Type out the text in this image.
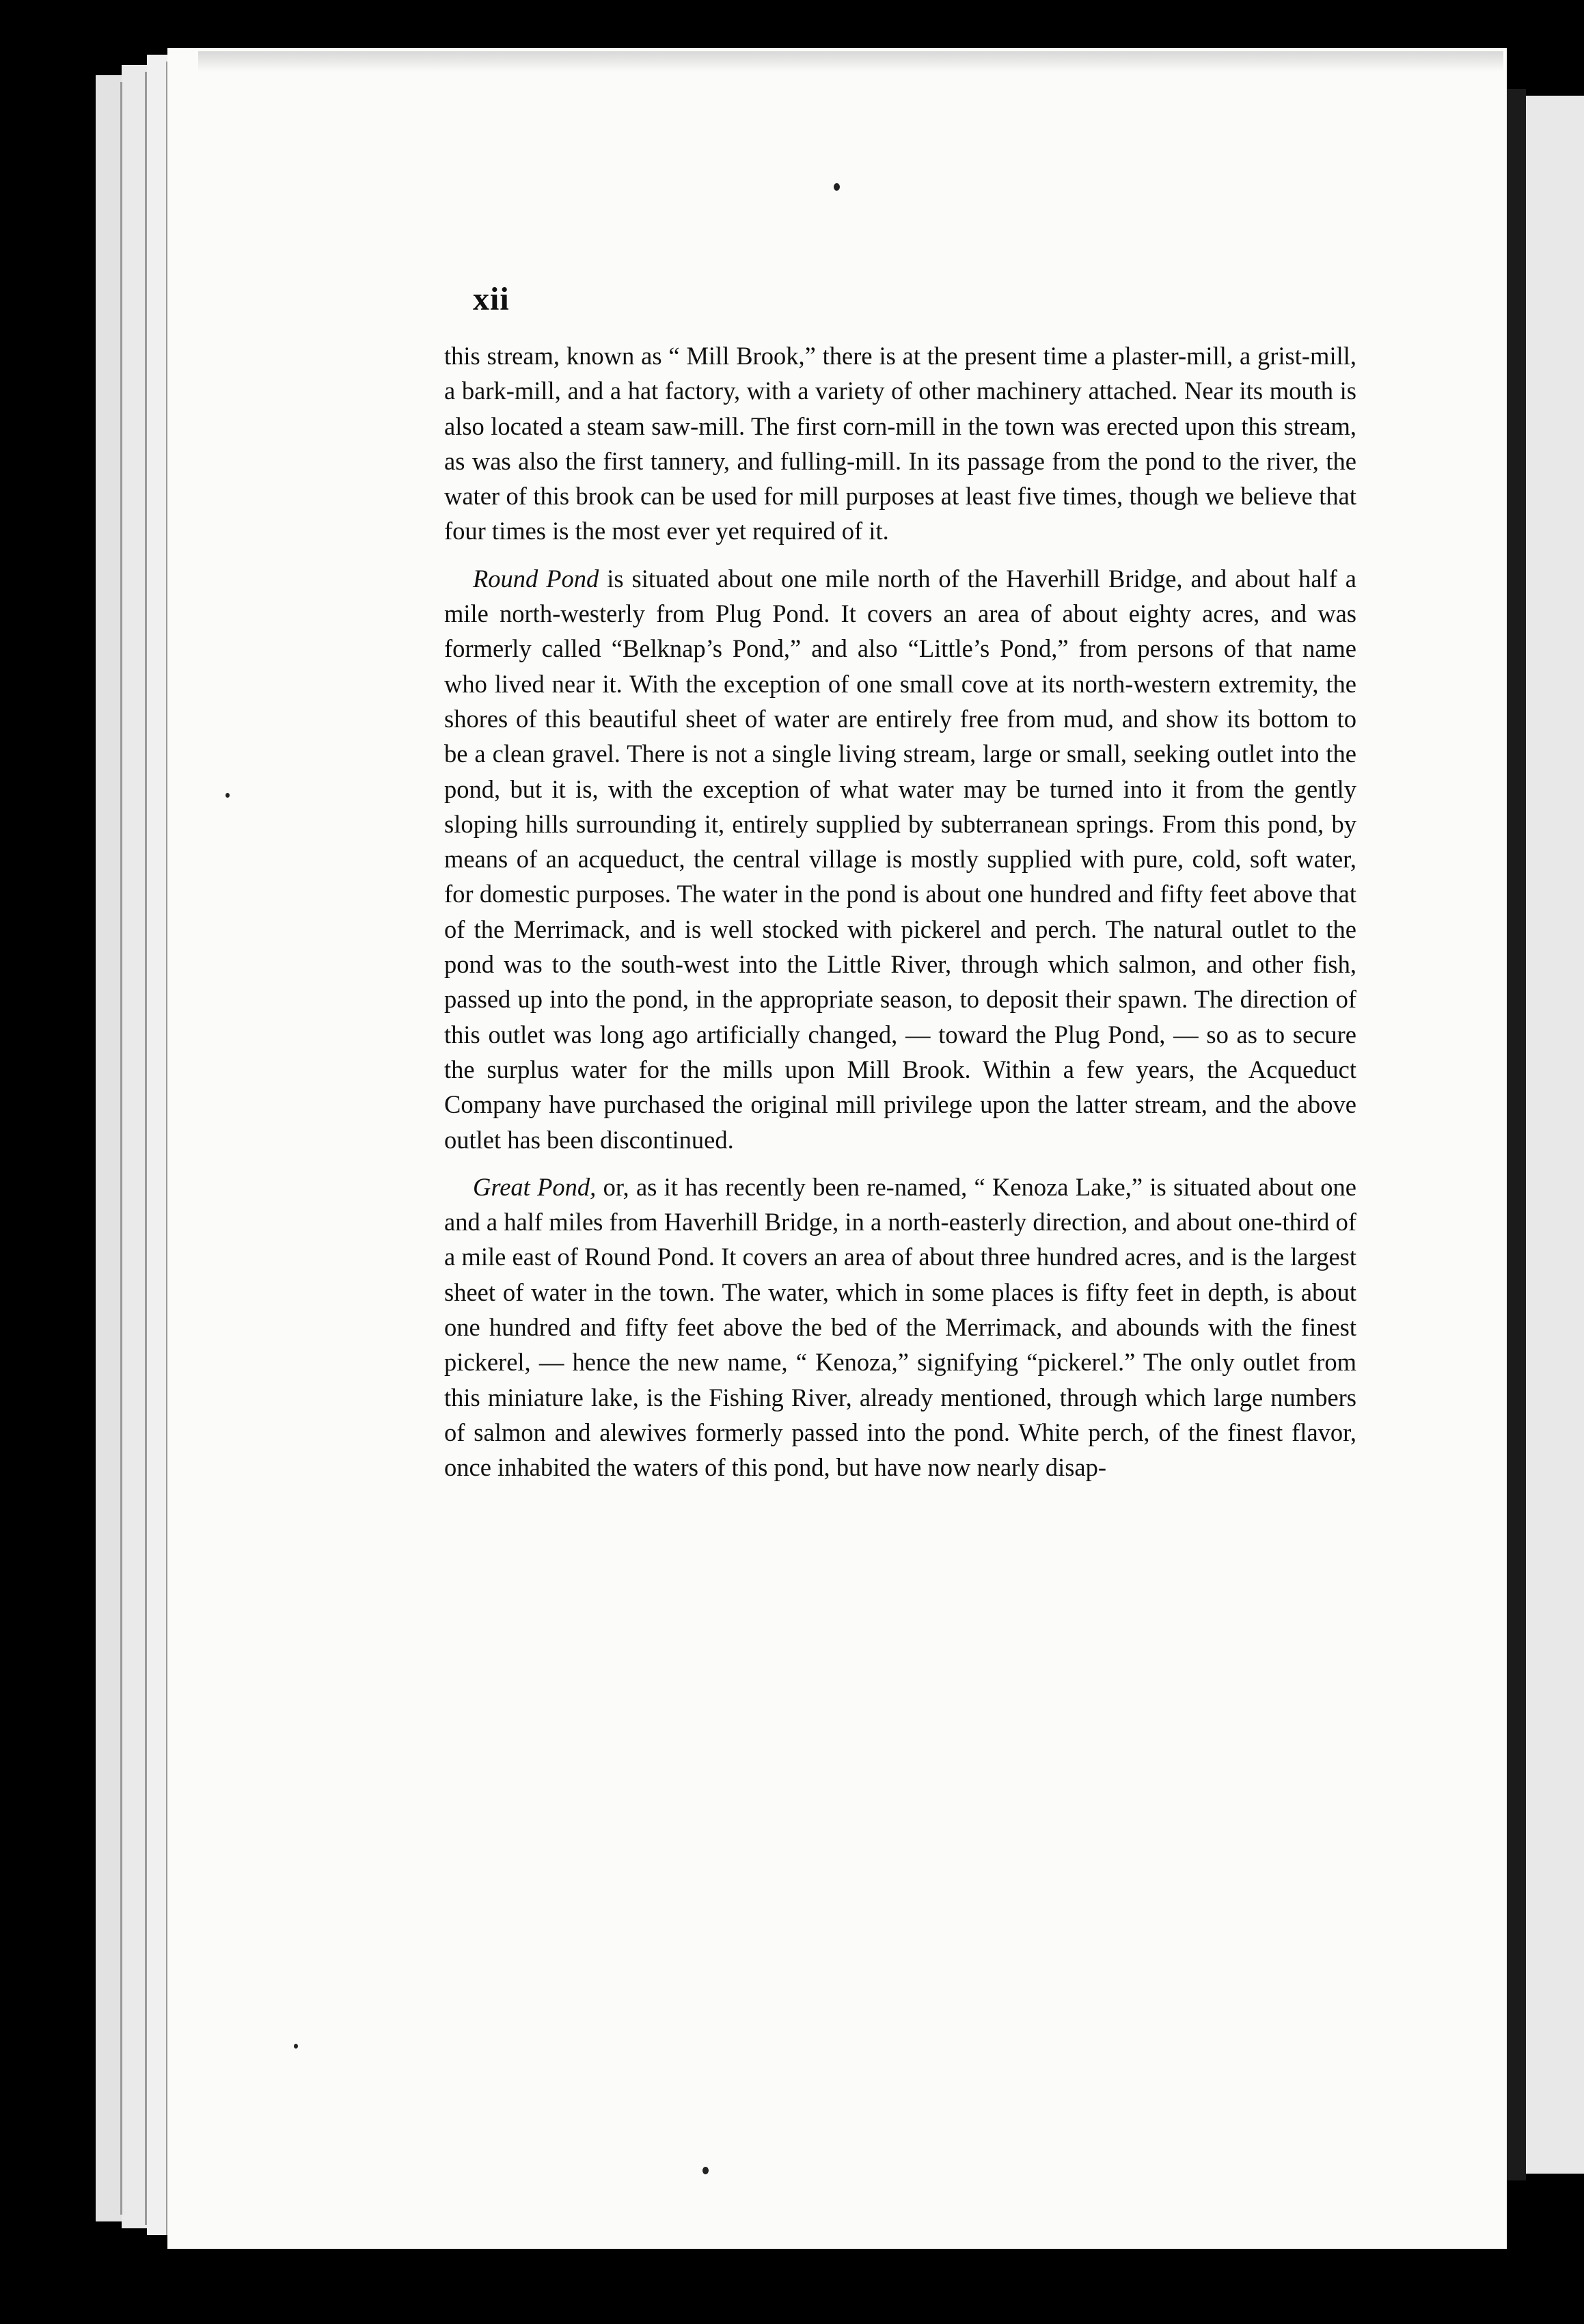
xii

this stream, known as “ Mill Brook,” there is at the present time a plaster-mill, a grist-mill, a bark-mill, and a hat factory, with a variety of other machinery attached. Near its mouth is also located a steam saw-mill. The first corn-mill in the town was erected upon this stream, as was also the first tannery, and fulling-mill. In its passage from the pond to the river, the water of this brook can be used for mill purposes at least five times, though we believe that four times is the most ever yet required of it.

Round Pond is situated about one mile north of the Haverhill Bridge, and about half a mile north-westerly from Plug Pond. It covers an area of about eighty acres, and was formerly called “Belknap’s Pond,” and also “Little’s Pond,” from persons of that name who lived near it. With the exception of one small cove at its north-western extremity, the shores of this beautiful sheet of water are entirely free from mud, and show its bottom to be a clean gravel. There is not a single living stream, large or small, seeking outlet into the pond, but it is, with the exception of what water may be turned into it from the gently sloping hills surrounding it, entirely supplied by subterranean springs. From this pond, by means of an acqueduct, the central village is mostly supplied with pure, cold, soft water, for domestic purposes. The water in the pond is about one hundred and fifty feet above that of the Merrimack, and is well stocked with pickerel and perch. The natural outlet to the pond was to the south-west into the Little River, through which salmon, and other fish, passed up into the pond, in the appropriate season, to deposit their spawn. The direction of this outlet was long ago artificially changed, — toward the Plug Pond, — so as to secure the surplus water for the mills upon Mill Brook. Within a few years, the Acqueduct Company have purchased the original mill privilege upon the latter stream, and the above outlet has been discontinued.

Great Pond, or, as it has recently been re-named, “ Kenoza Lake,” is situated about one and a half miles from Haverhill Bridge, in a north-easterly direction, and about one-third of a mile east of Round Pond. It covers an area of about three hundred acres, and is the largest sheet of water in the town. The water, which in some places is fifty feet in depth, is about one hundred and fifty feet above the bed of the Merrimack, and abounds with the finest pickerel, — hence the new name, “ Kenoza,” signifying “pickerel.” The only outlet from this miniature lake, is the Fishing River, already mentioned, through which large numbers of salmon and alewives formerly passed into the pond. White perch, of the finest flavor, once inhabited the waters of this pond, but have now nearly disap-
